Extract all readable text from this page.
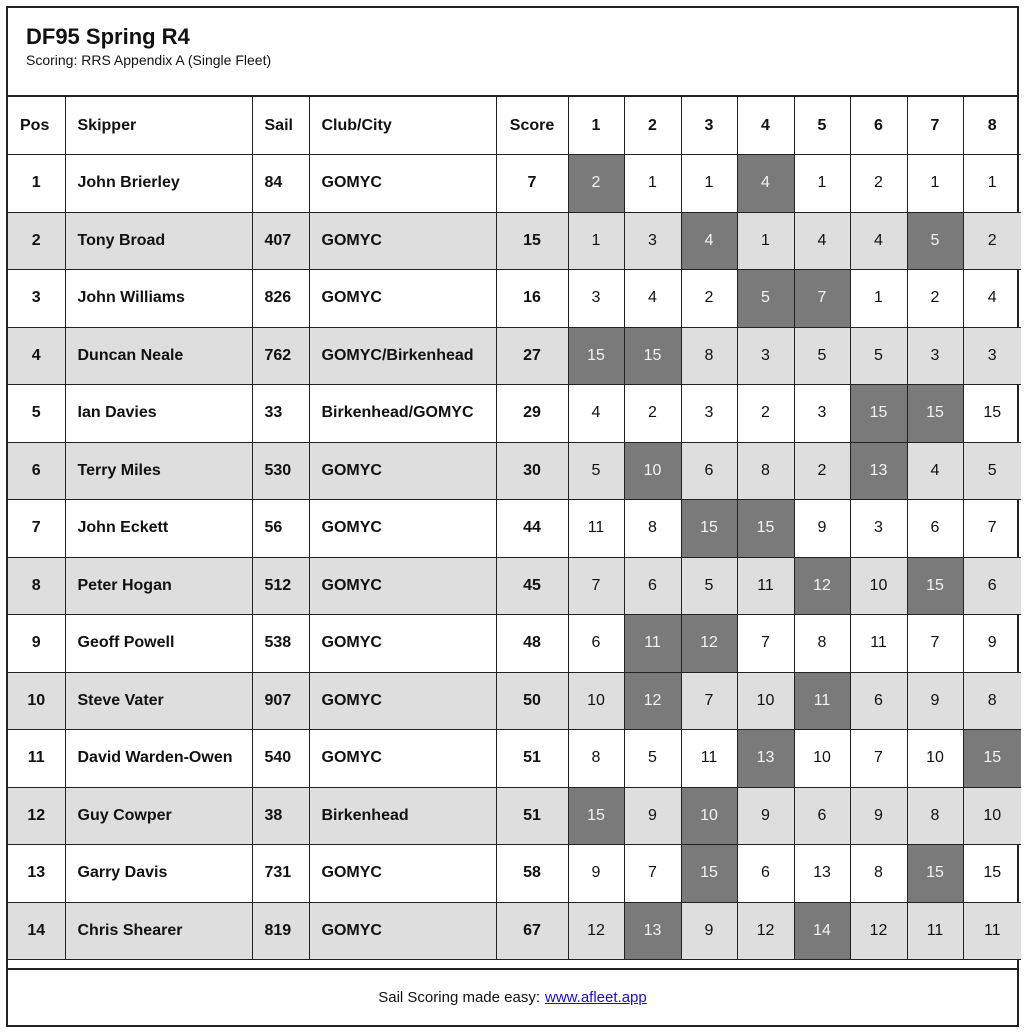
DF95 Spring R4
Scoring: RRS Appendix A (Single Fleet)
Pos	Skipper	Sail	Club/City	Score	1	2	3	4	5	6	7	8
1	John Brierley	84	GOMYC	7	2	1	1	4	1	2	1	1
2	Tony Broad	407	GOMYC	15	1	3	4	1	4	4	5	2
3	John Williams	826	GOMYC	16	3	4	2	5	7	1	2	4
4	Duncan Neale	762	GOMYC/Birkenhead	27	15	15	8	3	5	5	3	3
5	Ian Davies	33	Birkenhead/GOMYC	29	4	2	3	2	3	15	15	15
6	Terry Miles	530	GOMYC	30	5	10	6	8	2	13	4	5
7	John Eckett	56	GOMYC	44	11	8	15	15	9	3	6	7
8	Peter Hogan	512	GOMYC	45	7	6	5	11	12	10	15	6
9	Geoff Powell	538	GOMYC	48	6	11	12	7	8	11	7	9
10	Steve Vater	907	GOMYC	50	10	12	7	10	11	6	9	8
11	David Warden-Owen	540	GOMYC	51	8	5	11	13	10	7	10	15
12	Guy Cowper	38	Birkenhead	51	15	9	10	9	6	9	8	10
13	Garry Davis	731	GOMYC	58	9	7	15	6	13	8	15	15
14	Chris Shearer	819	GOMYC	67	12	13	9	12	14	12	11	11
Sail Scoring made easy: www.afleet.app
